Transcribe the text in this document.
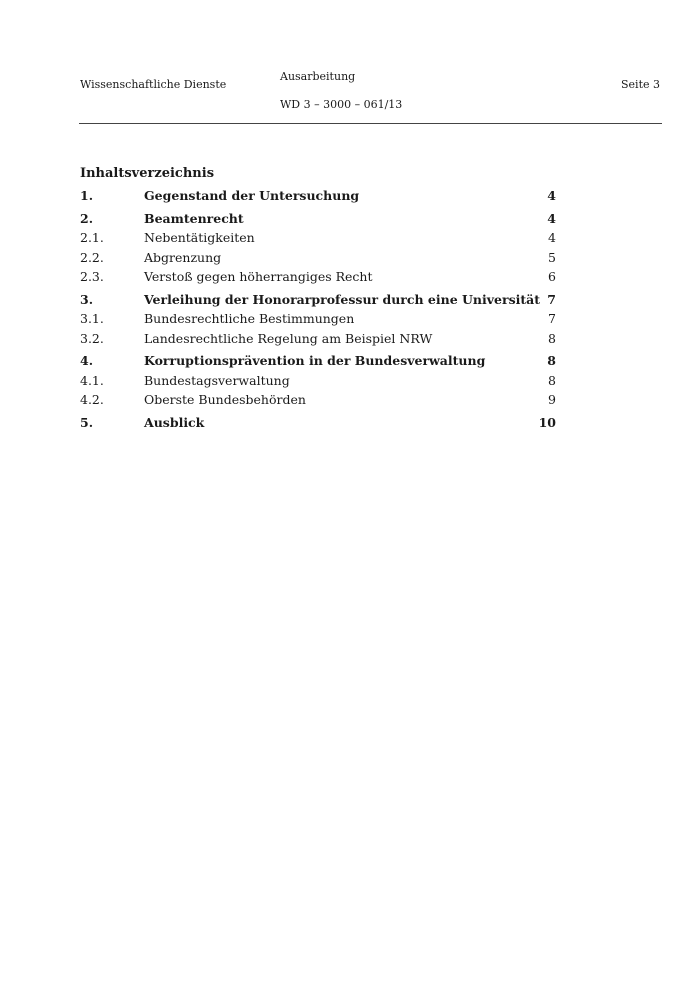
Wissenschaftliche Dienste
Ausarbeitung
WD 3 – 3000 – 061/13
Seite 3
Inhaltsverzeichnis
1.	Gegenstand der Untersuchung	4
2.	Beamtenrecht	4
2.1.	Nebentätigkeiten	4
2.2.	Abgrenzung	5
2.3.	Verstoß gegen höherrangiges Recht	6
3.	Verleihung der Honorarprofessur durch eine Universität 7
3.1.	Bundesrechtliche Bestimmungen	7
3.2.	Landesrechtliche Regelung am Beispiel NRW	8
4.	Korruptionsprävention in der Bundesverwaltung	8
4.1.	Bundestagsverwaltung	8
4.2.	Oberste Bundesbehörden	9
5.	Ausblick	10
